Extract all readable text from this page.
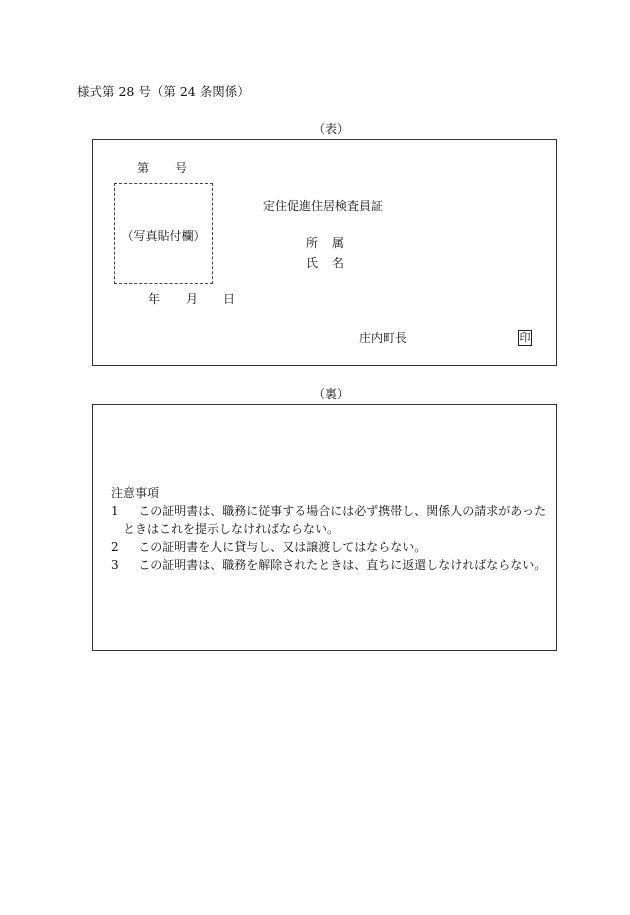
様式第 28 号（第 24 条関係）
（表）
第 号
（写真貼付欄）
定住促進住居検査員証
所 属
氏 名
年 月 日
庄内町長	印
（裏）
注意事項
1 この証明書は、職務に従事する場合には必ず携帯し、関係人の請求があった
ときはこれを提示しなければならない。
2 この証明書を人に貸与し、又は譲渡してはならない。
3 この証明書は、職務を解除されたときは、直ちに返還しなければならない。
